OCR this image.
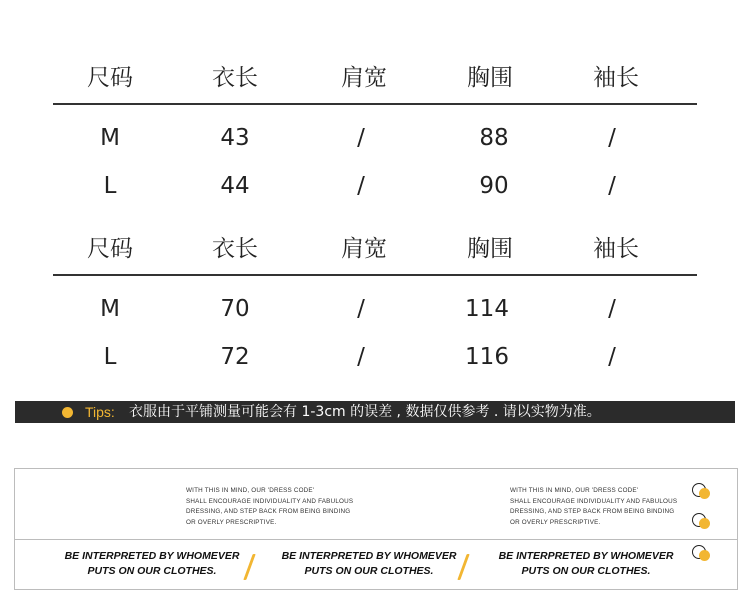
尺码	衣长	肩宽	胸围	袖长
M	43	/	88	/
L	44	/	90	/
尺码	衣长	肩宽	胸围	袖长
M	70	/	114	/
L	72	/	116	/
Tips: 衣服由于平铺测量可能会有 1-3cm 的误差 , 数据仅供参考 . 请以实物为准。
WITH THIS IN MIND, OUR 'DRESS CODE'
SHALL ENCOURAGE INDIVIDUALITY AND FABULOUS
DRESSING, AND STEP BACK FROM BEING BINDING
OR OVERLY PRESCRIPTIVE.
WITH THIS IN MIND, OUR 'DRESS CODE'
SHALL ENCOURAGE INDIVIDUALITY AND FABULOUS
DRESSING, AND STEP BACK FROM BEING BINDING
OR OVERLY PRESCRIPTIVE.
BE INTERPRETED BY WHOMEVER
PUTS ON OUR CLOTHES.
BE INTERPRETED BY WHOMEVER
PUTS ON OUR CLOTHES.
BE INTERPRETED BY WHOMEVER
PUTS ON OUR CLOTHES.
